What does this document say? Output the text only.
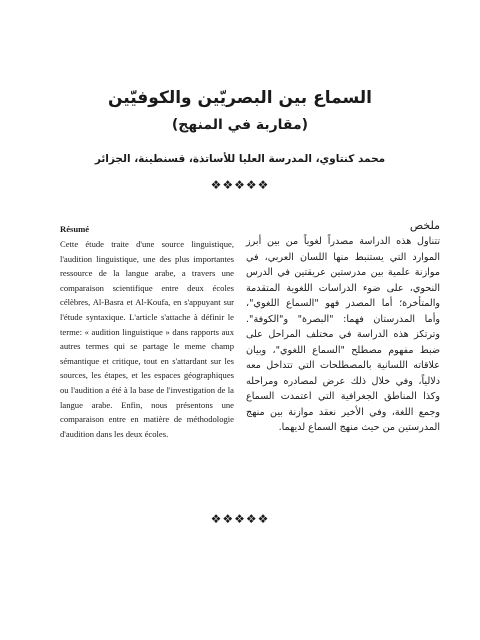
السماع بين البصريّين والكوفيّين
(مقاربة في المنهج)

محمد كنتاوي، المدرسة العليا للأساتذة، قسنطينة، الجزائر

❖❖❖❖❖
Résumé

Cette étude traite d'une source linguistique, l'audition linguistique, une des plus importantes ressource de la langue arabe, a travers une comparaison scientifique entre deux écoles célèbres, Al-Basra et Al-Koufa, en s'appuyant sur l'étude syntaxique. L'article s'attache à définir le terme: « audition linguistique » dans rapports aux autres termes qui se partage le meme champ sémantique et critique, tout en s'attardant sur les sources, les étapes, et les espaces géographiques ou l'audition a été à la base de l'investigation de la langue arabe. Enfin, nous présentons une comparaison entre en matière de méthodologie d'audition dans les deux écoles.

ملخص

تتناول هذه الدراسة مصدراً لغوياً من بين أبرز الموارد التي يستنبط منها اللسان العربي، في موازنة علمية بين مدرستين عريقتين في الدرس النحوي، على ضوء الدراسات اللغوية المتقدمة والمتأخرة؛ أما المصدر فهو "السماع اللغوي"، وأما المدرستان فهما: "البصرة" و"الكوفة". وترتكز هذه الدراسة في مختلف المراحل على ضبط مفهوم مصطلح "السماع اللغوي"، وبيان علاقاته اللسانية بالمصطلحات التي تتداخل معه دلالياً، وفي خلال ذلك عرض لمصادره ومراحله وكذا المناطق الجغرافية التي اعتمدت السماع وجمع اللغة، وفي الأخير نعقد موازنة بين منهج المدرستين من حيث منهج السماع لديهما.

❖❖❖❖❖
